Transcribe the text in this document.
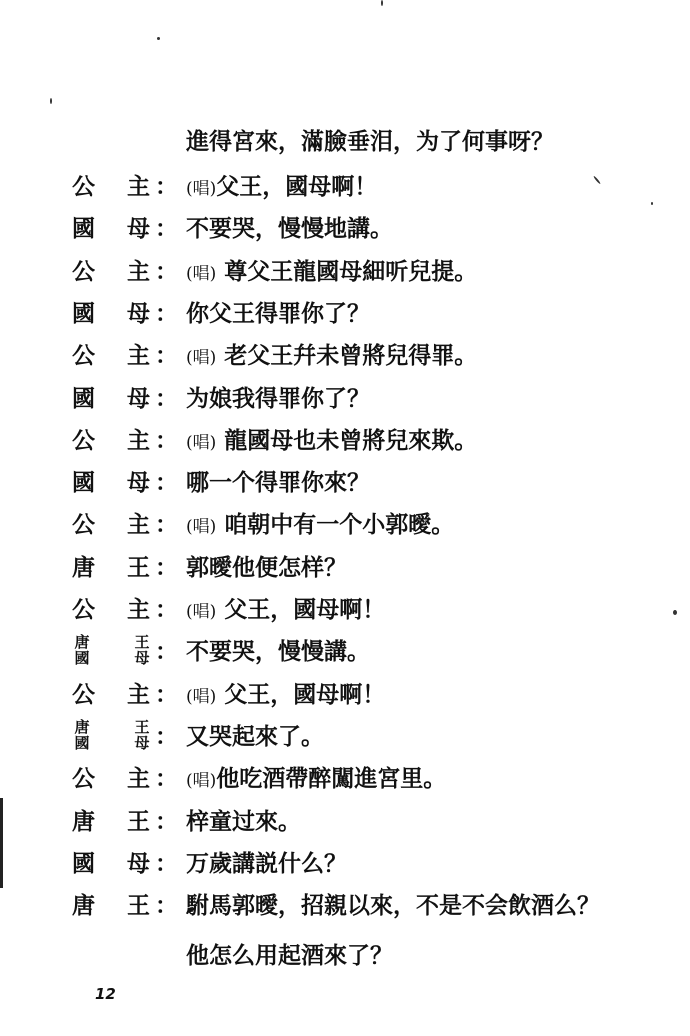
進得宮來，滿臉垂泪，为了何事呀？
公 主 ： (唱)父王，國母啊！
國 母 ： 不要哭，慢慢地講。
公 主 ： (唱) 尊父王龍國母細听兒提。
國 母 ： 你父王得罪你了？
公 主 ： (唱) 老父王幷未曾將兒得罪。
國 母 ： 为娘我得罪你了？
公 主 ： (唱) 龍國母也未曾將兒來欺。
國 母 ： 哪一个得罪你來？
公 主 ： (唱) 咱朝中有一个小郭曖。
唐 王 ： 郭曖他便怎样？
公 主 ： (唱) 父王，國母啊！
唐
國
王
母 ： 不要哭，慢慢講。
公 主 ： (唱) 父王，國母啊！
唐
國
王
母 ： 又哭起來了。
公 主 ： (唱)他吃酒帶醉闖進宮里。
唐 王 ： 梓童过來。
國 母 ： 万歲講説什么？
唐 王 ： 駙馬郭曖，招親以來，不是不会飲酒么？
他怎么用起酒來了？
12
